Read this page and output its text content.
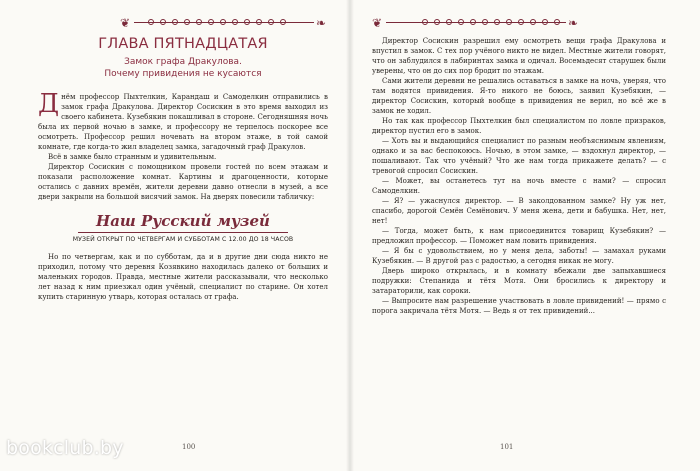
❦	❧
ГЛАВА ПЯТНАДЦАТАЯ
Замок графа Дракулова.
Почему привидения не кусаются

Днём профессор Пыхтелкин, Карандаш и Самоделкин отправились в замок графа Дракулова. Директор Сосискин в это время выходил из своего кабинета. Кузебякин покашливал в стороне. Сегодняшняя ночь была их первой ночью в замке, и профессору не терпелось поскорее все осмотреть. Профессор решил ночевать на втором этаже, в той самой комнате, где когда-то жил владелец замка, загадочный граф Дракулов.

Всё в замке было странным и удивительным.

Директор Сосискин с помощником провели гостей по всем этажам и показали расположение комнат. Картины и драгоценности, которые остались с давних времён, жители деревни давно отнесли в музей, а все двери закрыли на большой висячий замок. На дверях повесили табличку:

Наш Русский музей
МУЗЕЙ ОТКРЫТ ПО ЧЕТВЕРГАМ И СУББОТАМ С 12.00 ДО 18 ЧАСОВ

Но по четвергам, как и по субботам, да и в другие дни сюда никто не приходил, потому что деревня Козявкино находилась далеко от больших и маленьких городов. Правда, местные жители рассказывали, что несколько лет назад к ним приезжал один учёный, специалист по старине. Он хотел купить старинную утварь, которая осталась от графа.

100
❦	❧

Директор Сосискин разрешил ему осмотреть вещи графа Дракулова и впустил в замок. С тех пор учёного никто не видел. Местные жители говорят, что он заблудился в лабиринтах замка и одичал. Восемьдесят старушек были уверены, что он до сих пор бродит по этажам.

Сами жители деревни не решались оставаться в замке на ночь, уверяя, что там водятся привидения. Я-то никого не боюсь, заявил Кузебякин, — директор Сосискин, который вообще в привидения не верил, но всё же в замок не ходил.

Но так как профессор Пыхтелкин был специалистом по ловле призраков, директор пустил его в замок.

— Хоть вы и выдающийся специалист по разным необъяснимым явлениям, однако и за вас беспокоюсь. Ночью, в этом замке, — вздохнул директор, — пошаливают. Так что учёный? Что же нам тогда прикажете делать? — с тревогой спросил Сосискин.

— Может, вы останетесь тут на ночь вместе с нами? — спросил Самоделкин.

— Я? — ужаснулся директор. — В заколдованном замке? Ну уж нет, спасибо, дорогой Семён Семёнович. У меня жена, дети и бабушка. Нет, нет, нет!

— Тогда, может быть, к нам присоединится товарищ Кузебякин? — предложил профессор. — Поможет нам ловить привидения.

— Я бы с удовольствием, но у меня дела, заботы! — замахал руками Кузебякин. — В другой раз с радостью, а сегодня никак не могу.

Дверь широко открылась, и в комнату вбежали две запыхавшиеся подружки: Степанида и тётя Мотя. Они бросились к директору и затараторили, как сороки.

— Выпросите нам разрешение участвовать в ловле привидений! — прямо с порога закричала тётя Мотя. — Ведь я от тех привидений...

101
bookclub.by
